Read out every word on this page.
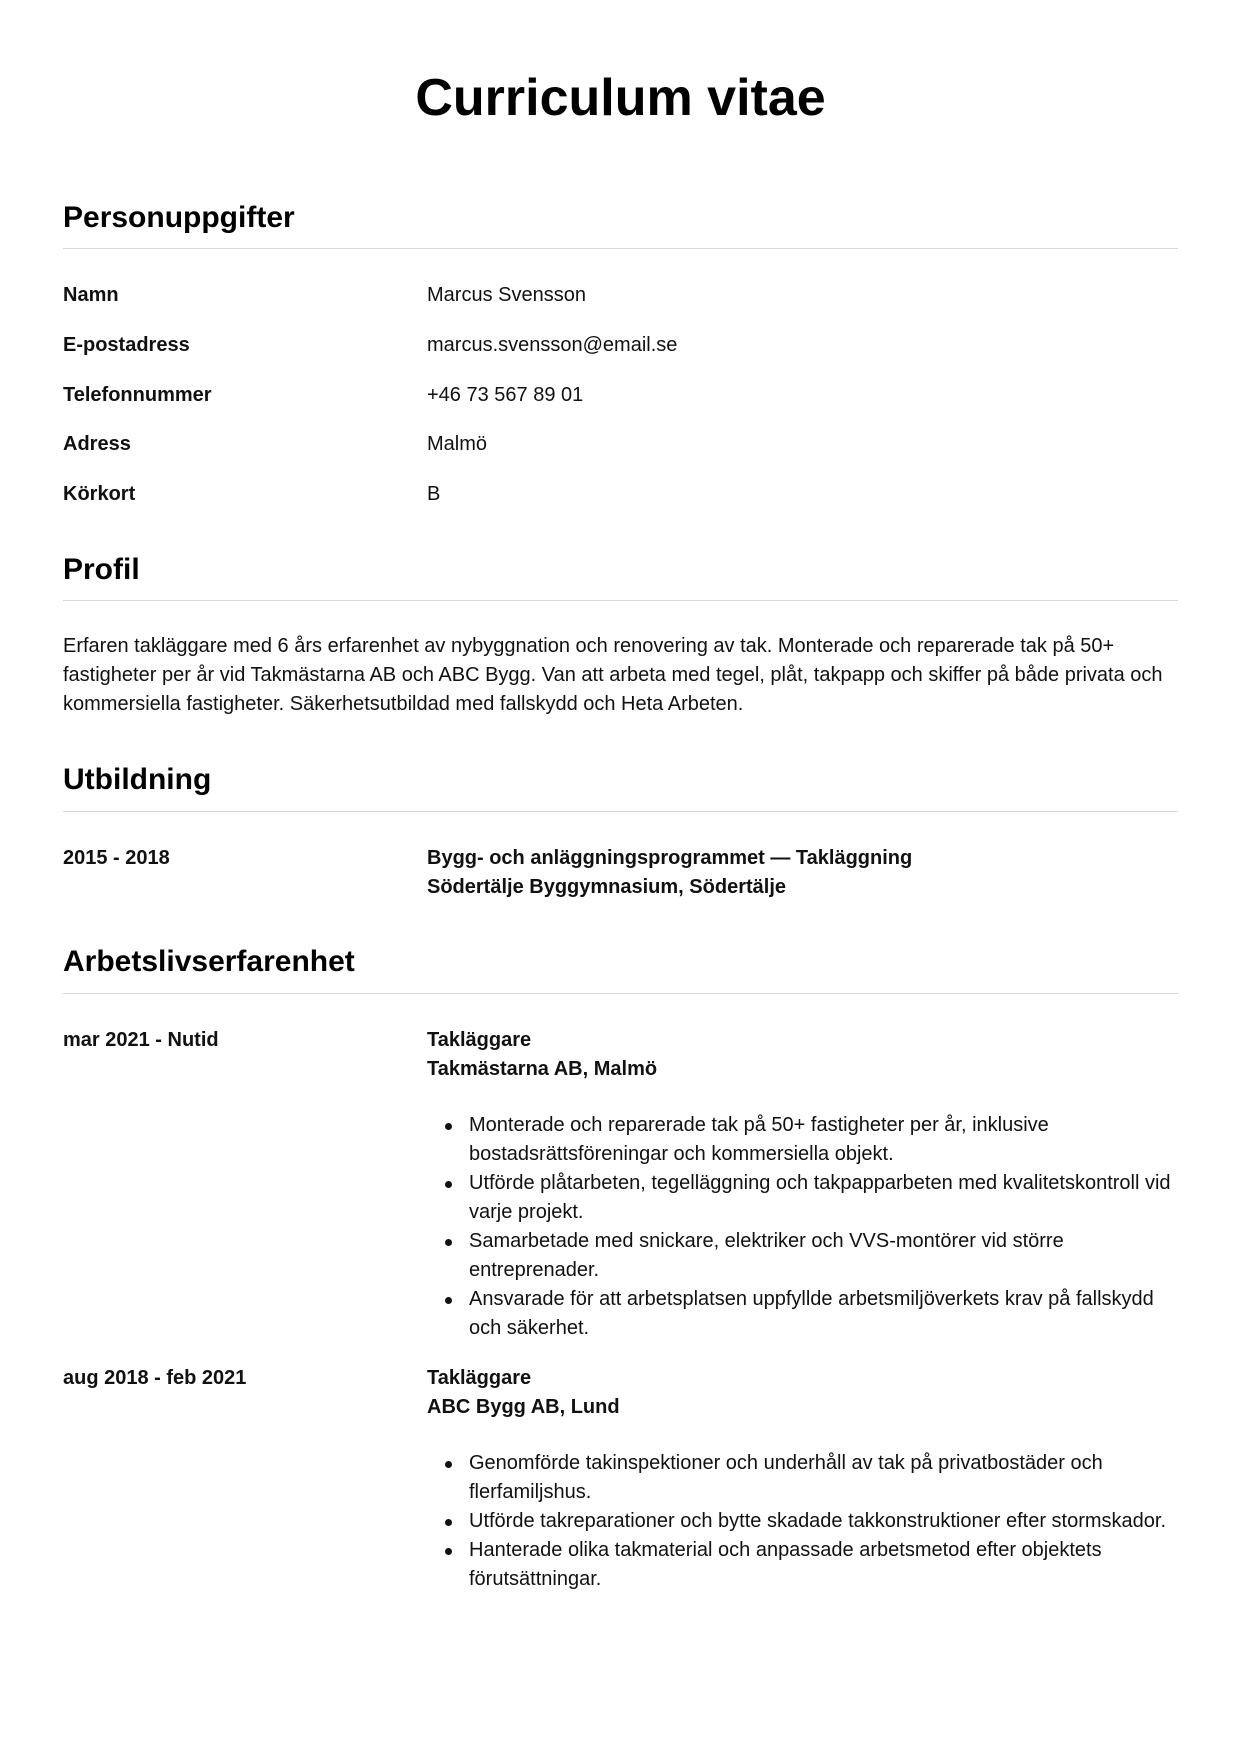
Curriculum vitae
Personuppgifter
Namn	Marcus Svensson
E-postadress	marcus.svensson@email.se
Telefonnummer	+46 73 567 89 01
Adress	Malmö
Körkort	B
Profil
Erfaren takläggare med 6 års erfarenhet av nybyggnation och renovering av tak. Monterade och reparerade tak på 50+ fastigheter per år vid Takmästarna AB och ABC Bygg. Van att arbeta med tegel, plåt, takpapp och skiffer på både privata och kommersiella fastigheter. Säkerhetsutbildad med fallskydd och Heta Arbeten.
Utbildning
2015 - 2018	Bygg- och anläggningsprogrammet — Takläggning
Södertälje Byggymnasium, Södertälje
Arbetslivserfarenhet
mar 2021 - Nutid	Takläggare
Takmästarna AB, Malmö
Monterade och reparerade tak på 50+ fastigheter per år, inklusive bostadsrättsföreningar och kommersiella objekt.
Utförde plåtarbeten, tegelläggning och takpapparbeten med kvalitetskontroll vid varje projekt.
Samarbetade med snickare, elektriker och VVS-montörer vid större entreprenader.
Ansvarade för att arbetsplatsen uppfyllde arbetsmiljöverkets krav på fallskydd och säkerhet.
aug 2018 - feb 2021	Takläggare
ABC Bygg AB, Lund
Genomförde takinspektioner och underhåll av tak på privatbostäder och flerfamiljshus.
Utförde takreparationer och bytte skadade takkonstruktioner efter stormskador.
Hanterade olika takmaterial och anpassade arbetsmetod efter objektets förutsättningar.
